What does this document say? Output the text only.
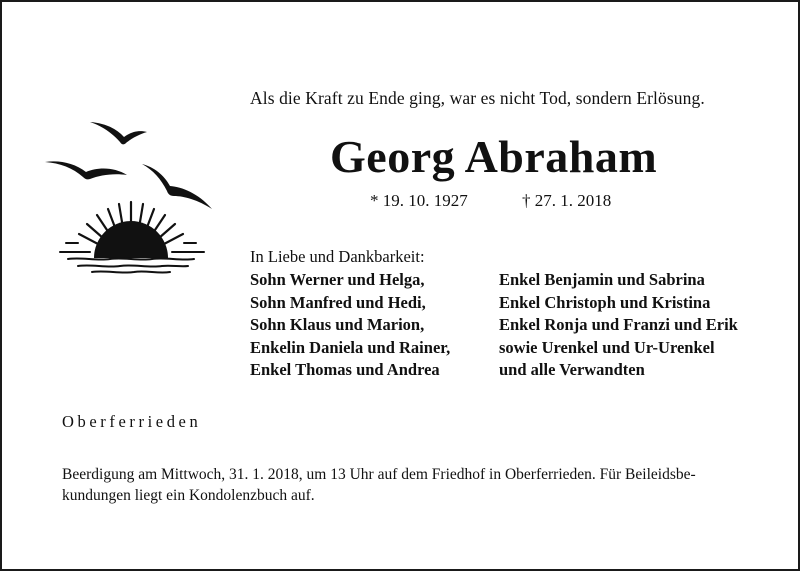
Als die Kraft zu Ende ging, war es nicht Tod, sondern Erlösung.
Georg Abraham
* 19. 10. 1927	† 27. 1. 2018
In Liebe und Dankbarkeit:
Sohn Werner und Helga,
Sohn Manfred und Hedi,
Sohn Klaus und Marion,
Enkelin Daniela und Rainer,
Enkel Thomas und Andrea
Enkel Benjamin und Sabrina
Enkel Christoph und Kristina
Enkel Ronja und Franzi und Erik
sowie Urenkel und Ur-Urenkel
und alle Verwandten
Oberferrieden
Beerdigung am Mittwoch, 31. 1. 2018, um 13 Uhr auf dem Friedhof in Oberferrieden. Für Beileidsbe-
kundungen liegt ein Kondolenzbuch auf.
